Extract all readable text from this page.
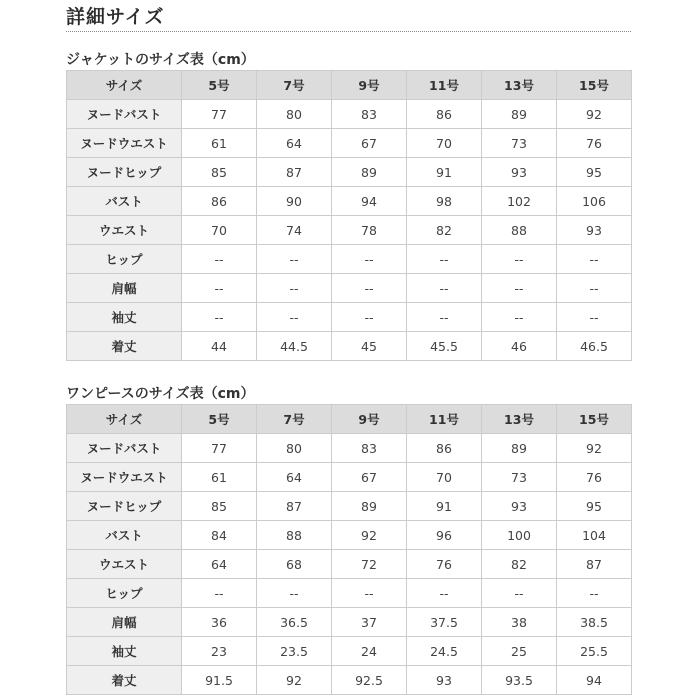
詳細サイズ
ジャケットのサイズ表（cm）
サイズ	5号	7号	9号	11号	13号	15号
ヌードバスト	77	80	83	86	89	92
ヌードウエスト	61	64	67	70	73	76
ヌードヒップ	85	87	89	91	93	95
バスト	86	90	94	98	102	106
ウエスト	70	74	78	82	88	93
ヒップ	--	--	--	--	--	--
肩幅	--	--	--	--	--	--
袖丈	--	--	--	--	--	--
着丈	44	44.5	45	45.5	46	46.5
ワンピースのサイズ表（cm）
サイズ	5号	7号	9号	11号	13号	15号
ヌードバスト	77	80	83	86	89	92
ヌードウエスト	61	64	67	70	73	76
ヌードヒップ	85	87	89	91	93	95
バスト	84	88	92	96	100	104
ウエスト	64	68	72	76	82	87
ヒップ	--	--	--	--	--	--
肩幅	36	36.5	37	37.5	38	38.5
袖丈	23	23.5	24	24.5	25	25.5
着丈	91.5	92	92.5	93	93.5	94
